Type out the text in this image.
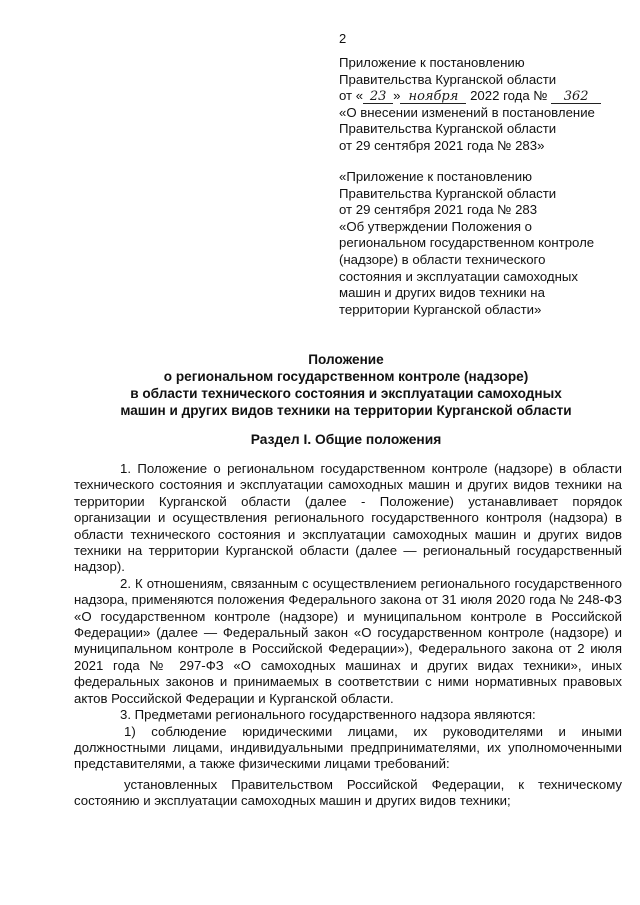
2
Приложение к постановлению
Правительства Курганской области
от « 23 » ноября 2022 года № 362
«О внесении изменений в постановление
Правительства Курганской области
от 29 сентября 2021 года № 283»
«Приложение к постановлению
Правительства Курганской области
от 29 сентября 2021 года № 283
«Об утверждении Положения о
региональном государственном контроле
(надзоре) в области технического
состояния и эксплуатации самоходных
машин и других видов техники на
территории Курганской области»
Положение
о региональном государственном контроле (надзоре)
в области технического состояния и эксплуатации самоходных
машин и других видов техники на территории Курганской области
Раздел I. Общие положения

1. Положение о региональном государственном контроле (надзоре) в области технического состояния и эксплуатации самоходных машин и других видов техники на территории Курганской области (далее - Положение) устанавливает порядок организации и осуществления регионального государственного контроля (надзора) в области технического состояния и эксплуатации самоходных машин и других видов техники на территории Курганской области (далее — региональный государственный надзор).

2. К отношениям, связанным с осуществлением регионального государственного надзора, применяются положения Федерального закона от 31 июля 2020 года № 248-ФЗ «О государственном контроле (надзоре) и муниципальном контроле в Российской Федерации» (далее — Федеральный закон «О государственном контроле (надзоре) и муниципальном контроле в Российской Федерации»), Федерального закона от 2 июля 2021 года № 297-ФЗ «О самоходных машинах и других видах техники», иных федеральных законов и принимаемых в соответствии с ними нормативных правовых актов Российской Федерации и Курганской области.

3. Предметами регионального государственного надзора являются:

1) соблюдение юридическими лицами, их руководителями и иными должностными лицами, индивидуальными предпринимателями, их уполномоченными представителями, а также физическими лицами требований:

установленных Правительством Российской Федерации, к техническому состоянию и эксплуатации самоходных машин и других видов техники;
